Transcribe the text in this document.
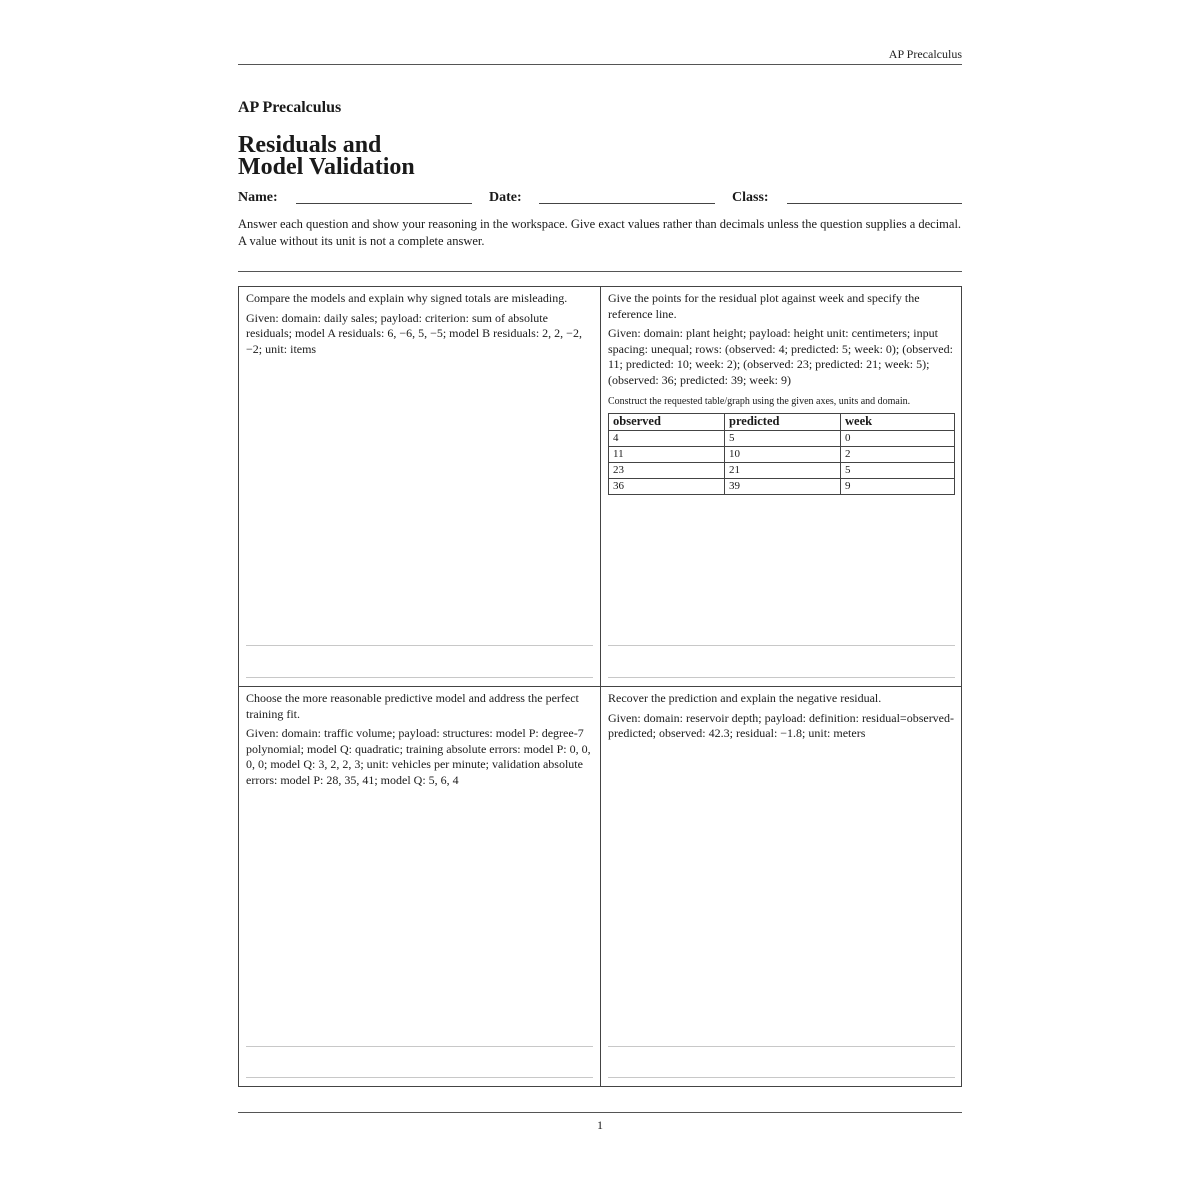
AP Precalculus
AP Precalculus
Residuals and
Model Validation
Name:	Date:	Class:
Answer each question and show your reasoning in the workspace. Give exact values rather than decimals unless the question supplies a decimal. A value without its unit is not a complete answer.

Compare the models and explain why signed totals are misleading.

Given: domain: daily sales; payload: criterion: sum of absolute residuals; model A residuals: 6, −6, 5, −5; model B residuals: 2, 2, −2, −2; unit: items

Give the points for the residual plot against week and specify the reference line.

Given: domain: plant height; payload: height unit: centimeters; input spacing: unequal; rows: (observed: 4; predicted: 5; week: 0); (observed: 11; predicted: 10; week: 2); (observed: 23; predicted: 21; week: 5); (observed: 36; predicted: 39; week: 9)

Construct the requested table/graph using the given axes, units and domain.

observed	predicted	week
4	5	0
11	10	2
23	21	5
36	39	9

Choose the more reasonable predictive model and address the perfect training fit.

Given: domain: traffic volume; payload: structures: model P: degree-7 polynomial; model Q: quadratic; training absolute errors: model P: 0, 0, 0, 0; model Q: 3, 2, 2, 3; unit: vehicles per minute; validation absolute errors: model P: 28, 35, 41; model Q: 5, 6, 4

Recover the prediction and explain the negative residual.

Given: domain: reservoir depth; payload: definition: residual=observed-predicted; observed: 42.3; residual: −1.8; unit: meters

1
